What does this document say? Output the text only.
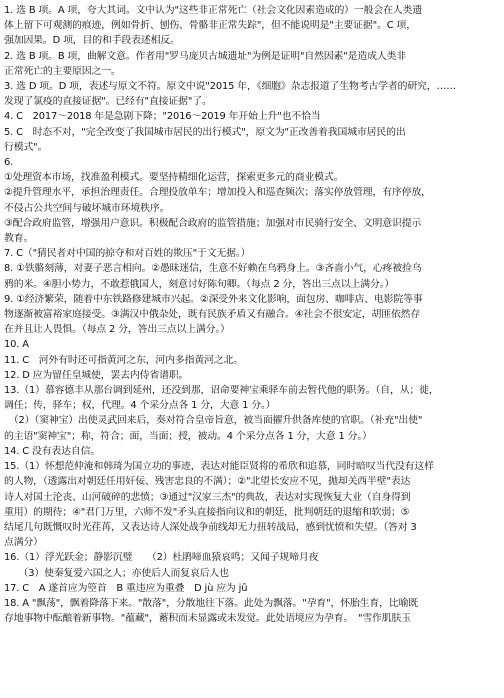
1. 选 B 项。A 项，夸大其词。文中认为"这些非正常死亡（社会文化因素造成的）一般会在人类遗
体上留下可观测的痕迹，例如骨折、刨伤、骨骼非正常失踪"，但不能说明是"主要证据"。C 项，
强加因果。D 项，目的和手段表述相反。
2. 选 B 项。B 项，曲解文意。作者用"罗马庞贝古城遗址"为例是证明"自然因素"是造成人类非
正常死亡的主要原因之一。
3. 选 D 项。D 项，表述与原文不符。原文中说"2015 年，《细胞》杂志报道了生物考古学者的研究，……
发现了氯疫的直接证据"。已经有"直接证据"了。
4. C　2017～2018 年是急剧下降；"2016～2019 年开始上升"也不恰当
5. C　时态不对，"完全改变了我国城市居民的出行模式"，原文为"正改善着我国城市居民的出
行模式"。
6.
①处理资本市场，找准盈利模式。要坚持精细化运营，探索更多元的商业模式。
②提升管理水平，承担治理责任。合理投放单车；增加投入和巡查频次；落实停放管理，有序停放，
不侵占公共空间与破坏城市环境秩序。
③配合政府监管，增强用户意识。积极配合政府的监管措施；加强对市民骑行安全、文明意识提示
教育。
7. C（"猜民者对中国的掠夺和对百姓的欺压"于文无据。）
8. ①铁骼刻薄，对妻子恶言相向。②愚昧迷信，生意不好赖在乌鸦身上。③吝啬小气，心疼被捡乌
鸦的米。④胆小势力，不敢惹俄国人，刻意讨好陈旬卿。（每点 2 分，答出三点以上满分。）
9. ①经济繁荣，随着中东铁路修建城市兴起。②深受外来文化影响，面包房、咖啡店、电影院等事
物逐渐被富裕家庭接受。③满汉中俄杂处，既有民族矛盾又有融合。④社会不很安定，胡匪依然存
在并且让人畏惧。（每点 2 分，答出三点以上满分。）
10. A
11. C　河外有时还可指黄河之东，河内多指黄河之北。
12. D 应为留任皇城使，罢去内侍省谱职。
13.（1）慕容德丰从那台调到延州，还没到那，诏命要神宝乘驿车前去暂代他的职务。（自，从；徙，
调任；传，驿车；权，代理。4 个采分点各 1 分，大意 1 分。）
　（2）（窦神宝）出使灵武回来后，奏对符合皇帝旨意，被当面擢升供备库使的官职。（补充"出使"
的主语"窦神宝"；称，符合；面，当面；授，被动。4 个采分点各 1 分，大意 1 分。）
14. C 没有表达自信。
15.（1）怀想范仲淹和韩琦为国立功的事迹，表达对能臣贤将的希欣和追慕，同时暗叹当代没有这样
的人物，（透露出对朝廷任用奸佞、残害忠良的不满）；②"北望长安应不见，抛却关西半壁"表达
诗人对国土沦丧、山河破碎的悲愤；③通过"汉家三杰"的典故，表达对实现恢复大业（自身得到
重用）的期待；④"君门万里，六师不发"矛头直接指向议和的朝廷，批判朝廷的退缩和软弱；⑤
结尾几句既慨叹时光荏苒，又表达诗人深处战争前线却无力扭转战局，感到忧愤和失望。（答对 3
点满分）
16.（1）浮光跃金；静影沉璧　　（2）杜鹃啼血猿哀鸣；又闻子规啼月夜
　　（3）使秦复爱六国之人；亦使后人而复哀后人也
17. C　A 遂首应为箜首　B 重违应为重叠　D jù 应为 jū
18. A "飘荡"，飘着降落下来。"散落"，分散地往下落。此处为飘落。"孕育"，怀胎生育，比喻既
存地事物中酝酿着新事物。"蕴藏"，蓄积而未显露或未发觉。此处语境应为孕育。　"雪作肌肤玉
